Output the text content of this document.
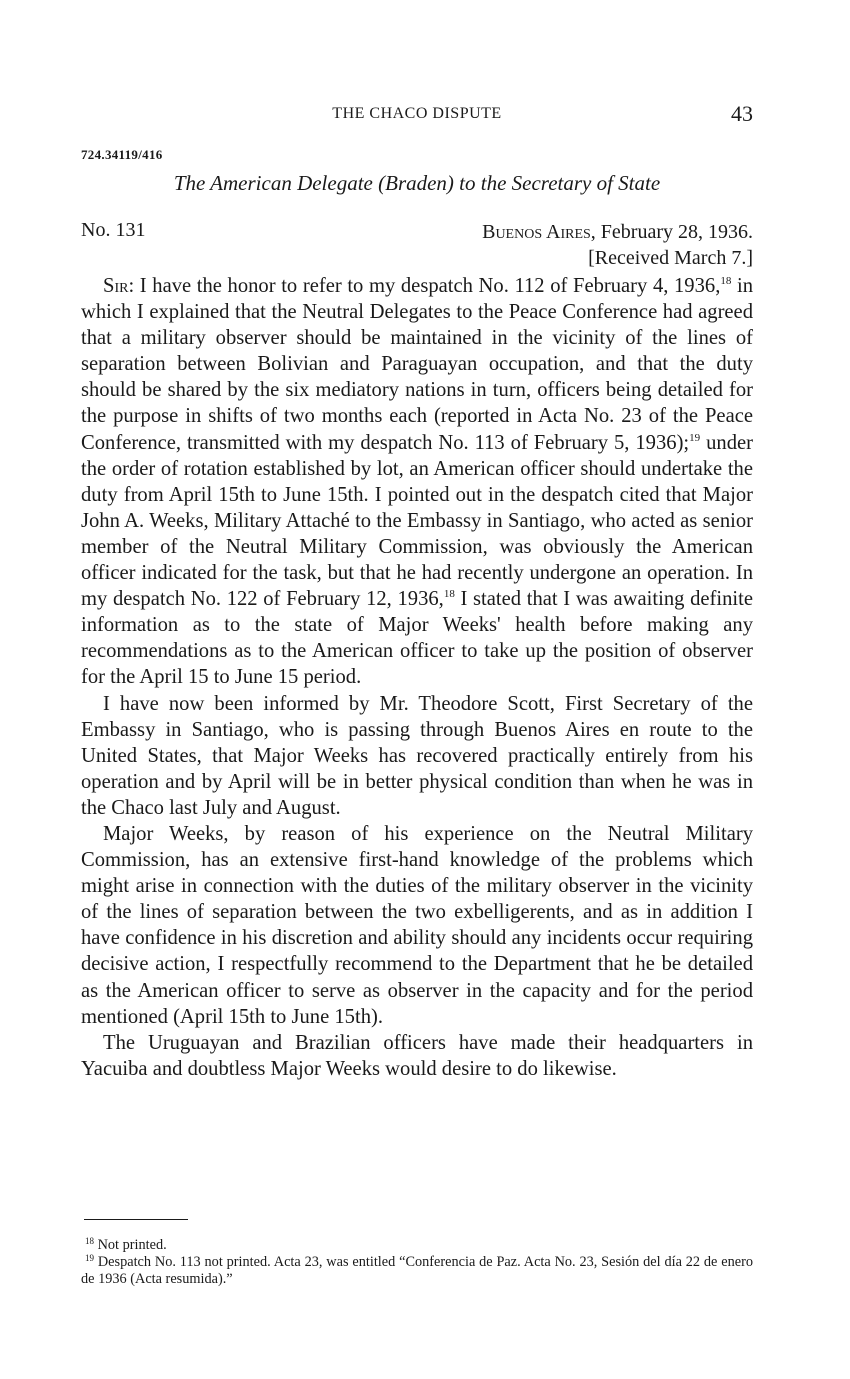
THE CHACO DISPUTE	43
724.34119/416
The American Delegate (Braden) to the Secretary of State
No. 131	Buenos Aires, February 28, 1936.
[Received March 7.]

Sir: I have the honor to refer to my despatch No. 112 of February 4, 1936,18 in which I explained that the Neutral Delegates to the Peace Conference had agreed that a military observer should be maintained in the vicinity of the lines of separation between Bolivian and Paraguayan occupation, and that the duty should be shared by the six mediatory nations in turn, officers being detailed for the purpose in shifts of two months each (reported in Acta No. 23 of the Peace Conference, transmitted with my despatch No. 113 of February 5, 1936);$^{19}$ under the order of rotation established by lot, an American officer should undertake the duty from April 15th to June 15th. I pointed out in the despatch cited that Major John A. Weeks, Military Attaché to the Embassy in Santiago, who acted as senior member of the Neutral Military Commission, was obviously the American officer indicated for the task, but that he had recently undergone an operation. In my despatch No. 122 of February 12, 1936,18 I stated that I was awaiting definite information as to the state of Major Weeks' health before making any recommendations as to the American officer to take up the position of observer for the April 15 to June 15 period.

I have now been informed by Mr. Theodore Scott, First Secretary of the Embassy in Santiago, who is passing through Buenos Aires en route to the United States, that Major Weeks has recovered practically entirely from his operation and by April will be in better physical condition than when he was in the Chaco last July and August.

Major Weeks, by reason of his experience on the Neutral Military Commission, has an extensive first-hand knowledge of the problems which might arise in connection with the duties of the military observer in the vicinity of the lines of separation between the two exbelligerents, and as in addition I have confidence in his discretion and ability should any incidents occur requiring decisive action, I respectfully recommend to the Department that he be detailed as the American officer to serve as observer in the capacity and for the period mentioned (April 15th to June 15th).

The Uruguayan and Brazilian officers have made their headquarters in Yacuiba and doubtless Major Weeks would desire to do likewise.

$^{18}$ Not printed.

$^{19}$ Despatch No. 113 not printed. Acta 23, was entitled “Conferencia de Paz. Acta No. 23, Sesión del día 22 de enero de 1936 (Acta resumida).”
